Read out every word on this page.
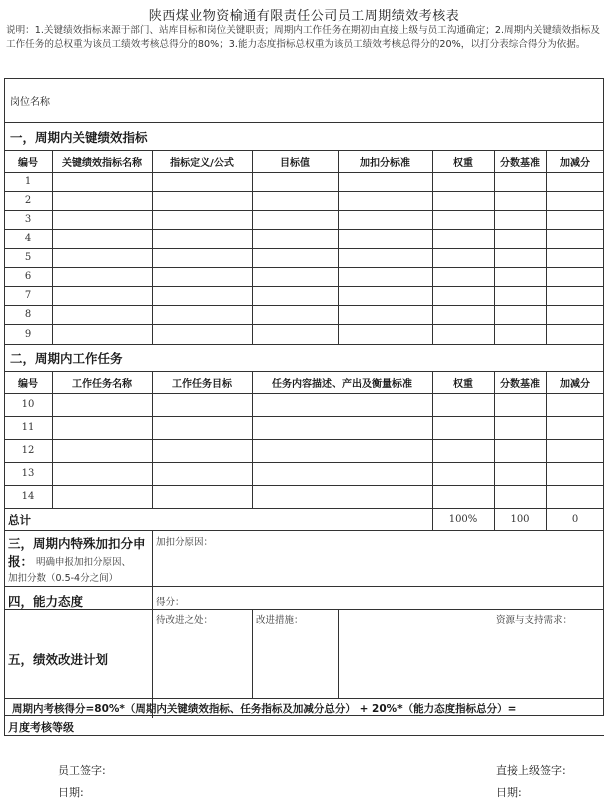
陕西煤业物资榆通有限责任公司员工周期绩效考核表
说明：1.关键绩效指标来源于部门、站库目标和岗位关键职责；周期内工作任务在期初由直接上级与员工沟通确定；2.周期内关键绩效指标及工作任务的总权重为该员工绩效考核总得分的80%；3.能力态度指标总权重为该员工绩效考核总得分的20%，以打分表综合得分为依据。
岗位名称
一，周期内关键绩效指标
编号	关键绩效指标名称	指标定义/公式	目标值	加扣分标准	权重	分数基准	加减分
1
2
3
4
5
6
7
8
9
二，周期内工作任务
编号	工作任务名称	工作任务目标	任务内容描述、产出及衡量标准	权重	分数基准	加减分
10
11
12
13
14
总计	100%	100	0
三，周期内特殊加扣分申
报： 明确申报加扣分原因、
加扣分数（0.5-4分之间）
加扣分原因：
四，能力态度	得分：
五，绩效改进计划
待改进之处：	改进措施：	资源与支持需求：
周期内考核得分=80%*（周期内关键绩效指标、任务指标及加减分总分） + 20%*（能力态度指标总分）=
月度考核等级
员工签字:	直接上级签字:
日期:	日期:
